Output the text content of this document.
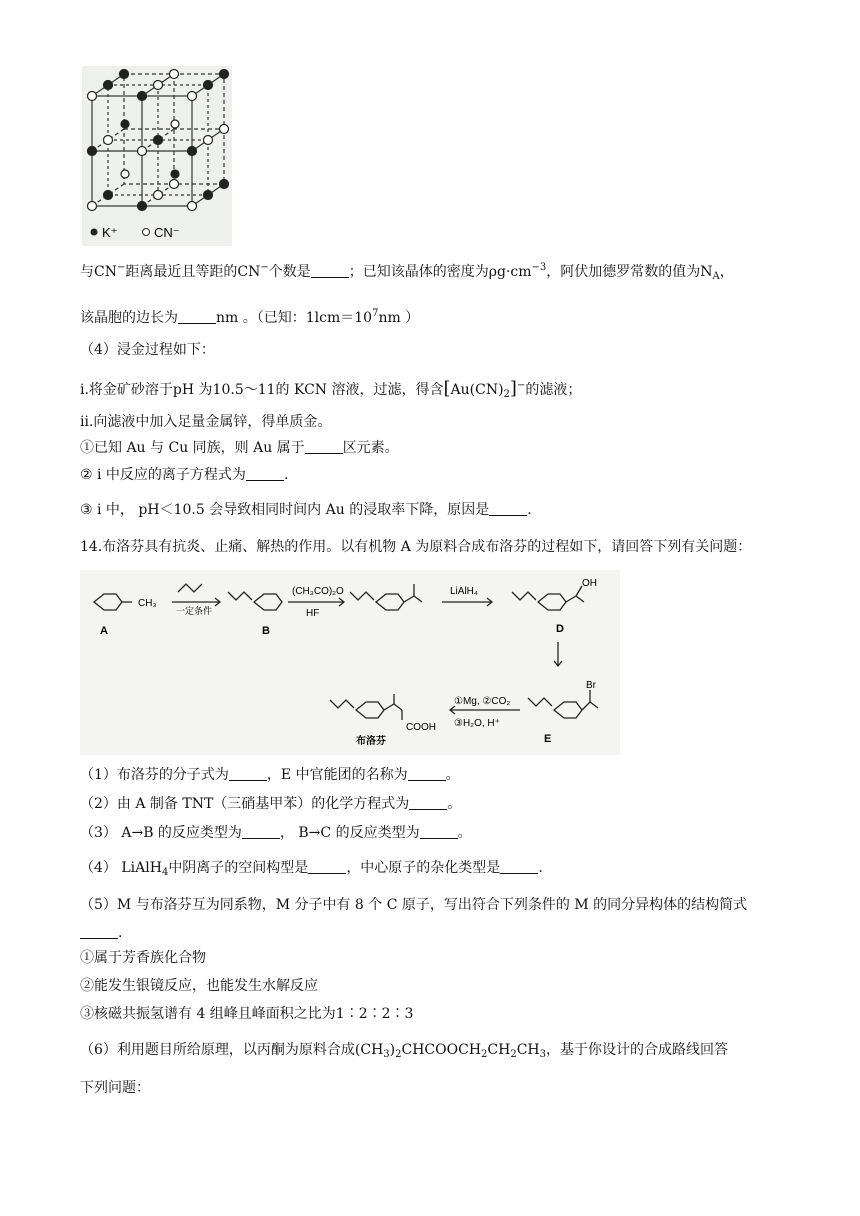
K⁺	CN⁻
与CN−距离最近且等距的CN−个数是	；已知该晶体的密度为$\rho g\cdot cm^{-3}$，阿伏加德罗常数的值为$N_A$，
该晶胞的边长为	nm 。（已知：$1lcm=10^7nm$ ）
（4）浸金过程如下：
ⅰ.将金矿砂溶于pH 为10.5～11的 KCN 溶液，过滤，得含$[Au(CN)_2]^-$的滤液；
ⅱ.向滤液中加入足量金属锌，得单质金。
①已知 Au 与 Cu 同族，则 Au 属于	区元素。
② ⅰ 中反应的离子方程式为	.
③ ⅰ 中， pH＜10.5 会导致相同时间内 Au 的浸取率下降，原因是	.
14.布洛芬具有抗炎、止痛、解热的作用。以有机物 A 为原料合成布洛芬的过程如下，请回答下列有关问题：
CH₃
一定条件
(CH₃CO)₂O
HF
LiAlH₄
OH
Br
①Mg, ②CO₂
③H₂O, H⁺
COOH
A	B	D
E
布洛芬
（1）布洛芬的分子式为	，E 中官能团的名称为	。
（2）由 A 制备 TNT（三硝基甲苯）的化学方程式为	。
（3） A→B 的反应类型为	， B→C 的反应类型为	。
（4） LiAlH$_4$中阴离子的空间构型是	，中心原子的杂化类型是	.
（5）M 与布洛芬互为同系物，M 分子中有 8 个 C 原子，写出符合下列条件的 M 的同分异构体的结构简式
.
①属于芳香族化合物
②能发生银镜反应，也能发生水解反应
③核磁共振氢谱有 4 组峰且峰面积之比为1∶2∶2∶3
（6）利用题目所给原理，以丙酮为原料合成$(CH_3)_2CHCOOCH_2CH_2CH_3$，基于你设计的合成路线回答
下列问题：
